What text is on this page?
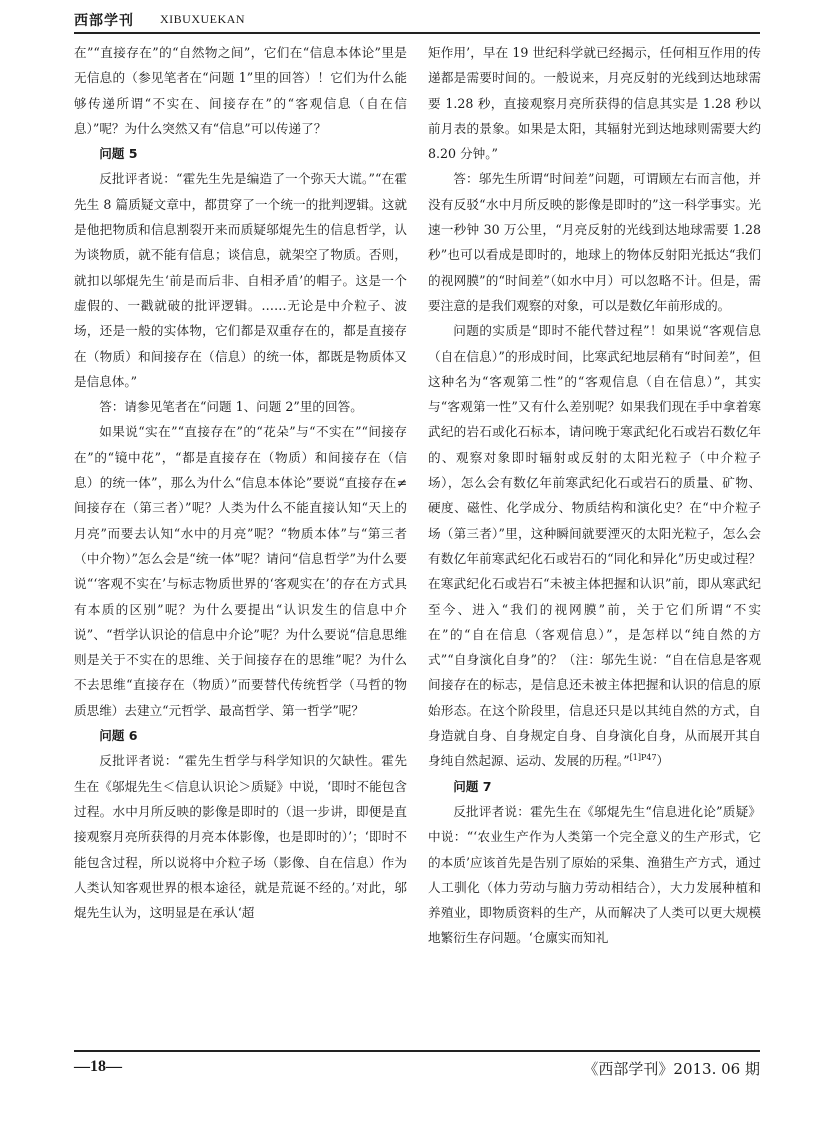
西部学刊 XIBUXUEKAN

在”“直接存在”的“自然物之间”，它们在“信息本体论”里是无信息的（参见笔者在“问题 1”里的回答）！它们为什么能够传递所谓“不实在、间接存在”的“客观信息（自在信息）”呢？为什么突然又有“信息”可以传递了？

问题 5

反批评者说：“霍先生先是编造了一个弥天大谎。”“在霍先生 8 篇质疑文章中，都贯穿了一个统一的批判逻辑。这就是他把物质和信息割裂开来而质疑邬焜先生的信息哲学，认为谈物质，就不能有信息；谈信息，就架空了物质。否则，就扣以邬焜先生‘前是而后非、自相矛盾’的帽子。这是一个虚假的、一戳就破的批评逻辑。……无论是中介粒子、波场，还是一般的实体物，它们都是双重存在的，都是直接存在（物质）和间接存在（信息）的统一体，都既是物质体又是信息体。”

答：请参见笔者在“问题 1、问题 2”里的回答。

如果说“实在”“直接存在”的“花朵”与“不实在”“间接存在”的“镜中花”，“都是直接存在（物质）和间接存在（信息）的统一体”，那么为什么“信息本体论”要说“直接存在≠间接存在（第三者）”呢？人类为什么不能直接认知“天上的月亮”而要去认知“水中的月亮”呢？“物质本体”与“第三者（中介物）”怎么会是“统一体”呢？请问“信息哲学”为什么要说“‘客观不实在’与标志物质世界的‘客观实在’的存在方式具有本质的区别”呢？为什么要提出“认识发生的信息中介说”、“哲学认识论的信息中介论”呢？为什么要说“信息思维则是关于不实在的思维、关于间接存在的思维”呢？为什么不去思维“直接存在（物质）”而要替代传统哲学（马哲的物质思维）去建立“元哲学、最高哲学、第一哲学”呢？

问题 6

反批评者说：“霍先生哲学与科学知识的欠缺性。霍先生在《邬焜先生＜信息认识论＞质疑》中说，‘即时不能包含过程。水中月所反映的影像是即时的（退一步讲，即便是直接观察月亮所获得的月亮本体影像，也是即时的）’；‘即时不能包含过程，所以说将中介粒子场（影像、自在信息）作为人类认知客观世界的根本途径，就是荒诞不经的。’对此，邬焜先生认为，这明显是在承认‘超

矩作用’，早在 19 世纪科学就已经揭示，任何相互作用的传递都是需要时间的。一般说来，月亮反射的光线到达地球需要 1.28 秒，直接观察月亮所获得的信息其实是 1.28 秒以前月表的景象。如果是太阳，其辐射光到达地球则需要大约 8.20 分钟。”

答：邬先生所谓“时间差”问题，可谓顾左右而言他，并没有反驳“水中月所反映的影像是即时的”这一科学事实。光速一秒钟 30 万公里，“月亮反射的光线到达地球需要 1.28 秒”也可以看成是即时的，地球上的物体反射阳光抵达“我们的视网膜”的“时间差”（如水中月）可以忽略不计。但是，需要注意的是我们观察的对象，可以是数亿年前形成的。

问题的实质是“即时不能代替过程”！如果说“客观信息（自在信息）”的形成时间，比寒武纪地层稍有“时间差”，但这种名为“客观第二性”的“客观信息（自在信息）”，其实与“客观第一性”又有什么差别呢？如果我们现在手中拿着寒武纪的岩石或化石标本，请问晚于寒武纪化石或岩石数亿年的、观察对象即时辐射或反射的太阳光粒子（中介粒子场），怎么会有数亿年前寒武纪化石或岩石的质量、矿物、硬度、磁性、化学成分、物质结构和演化史？在“中介粒子场（第三者）”里，这种瞬间就要湮灭的太阳光粒子，怎么会有数亿年前寒武纪化石或岩石的“同化和异化”历史或过程？在寒武纪化石或岩石“未被主体把握和认识”前，即从寒武纪至今、进入“我们的视网膜”前，关于它们所谓“不实在”的“自在信息（客观信息）”，是怎样以“纯自然的方式”“自身演化自身”的？（注：邬先生说：“自在信息是客观间接存在的标志，是信息还未被主体把握和认识的信息的原始形态。在这个阶段里，信息还只是以其纯自然的方式，自身造就自身、自身规定自身、自身演化自身，从而展开其自身纯自然起源、运动、发展的历程。”$^{[1]P47}$）

问题 7

反批评者说：霍先生在《邬焜先生“信息进化论”质疑》中说：“‘农业生产作为人类第一个完全意义的生产形式，它的本质’应该首先是告别了原始的采集、渔猎生产方式，通过人工驯化（体力劳动与脑力劳动相结合），大力发展种植和养殖业，即物质资料的生产，从而解决了人类可以更大规模地繁衍生存问题。‘仓廪实而知礼

—18—	《西部学刊》2013. 06 期
